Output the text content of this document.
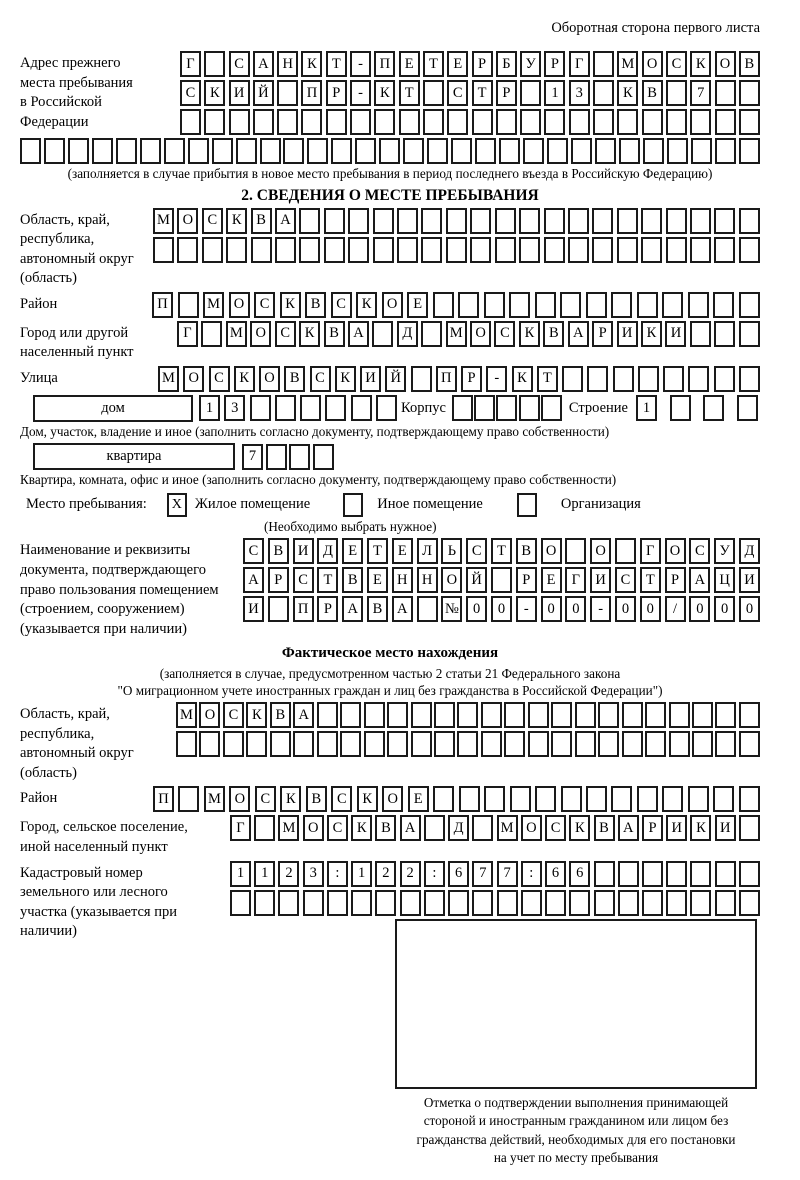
Оборотная сторона первого листа
Адрес прежнего места пребывания в Российской Федерации
Г	С А Н К	Т	-	П	Е	Т	Е	Р	Б	У	Р	Г	М О С	К О В
С	К И Й	П	Р	-	К	Т	С	Т	Р	1	3	К	В	7
(заполняется в случае прибытия в новое место пребывания в период последнего въезда в Российскую Федерацию)
2. СВЕДЕНИЯ О МЕСТЕ ПРЕБЫВАНИЯ
Область, край, республика, автономный округ (область)
М О С	К	В А
Район	П	М О	С	К	В	С	К	О	Е
Город или другой населенный пункт
Г	М О С	К	В А	Д	М О С	К	В А	Р	И К И
Улица	М О	С	К	О	В	С	К	И	Й	П	Р	-	К	Т
дом	1	3	Корпус	Строение	1
Дом, участок, владение и иное (заполнить согласно документу, подтверждающему право собственности)
квартира	7
Квартира, комната, офис и иное (заполнить согласно документу, подтверждающему право собственности)
Место пребывания:	X Жилое помещение	Иное помещение	Организация
(Необходимо выбрать нужное)
Наименование и реквизиты документа, подтверждающего право пользования помещением (строением, сооружением) (указывается при наличии)
С	В	И	Д	Е	Т	Е	Л	Ь	С	Т	В	О	О	Г	О	С	У	Д
А	Р	С	Т	В	Е	Н Н О Й	Р	Е	Г	И	С	Т	Р	А Ц И
И	П	Р	А	В	А	№ 0	0	-	0	0	-	0	0	/	0	0	0
Фактическое место нахождения
(заполняется в случае, предусмотренном частью 2 статьи 21 Федерального закона
"О миграционном учете иностранных граждан и лиц без гражданства в Российской Федерации")
Область, край, республика, автономный округ (область)
М О С К В А
Район	П	М О	С	К	В	С	К	О	Е
Город, сельское поселение, иной населенный пункт
Г	М О С	К	В А	Д	М О С	К	В А	Р	И К И
Кадастровый номер земельного или лесного участка (указывается при наличии)
1	1	2	3	:	1	2	2	:	6	7	7	:	6	6
Отметка о подтверждении выполнения принимающей
стороной и иностранным гражданином или лицом без
гражданства действий, необходимых для его постановки
на учет по месту пребывания
